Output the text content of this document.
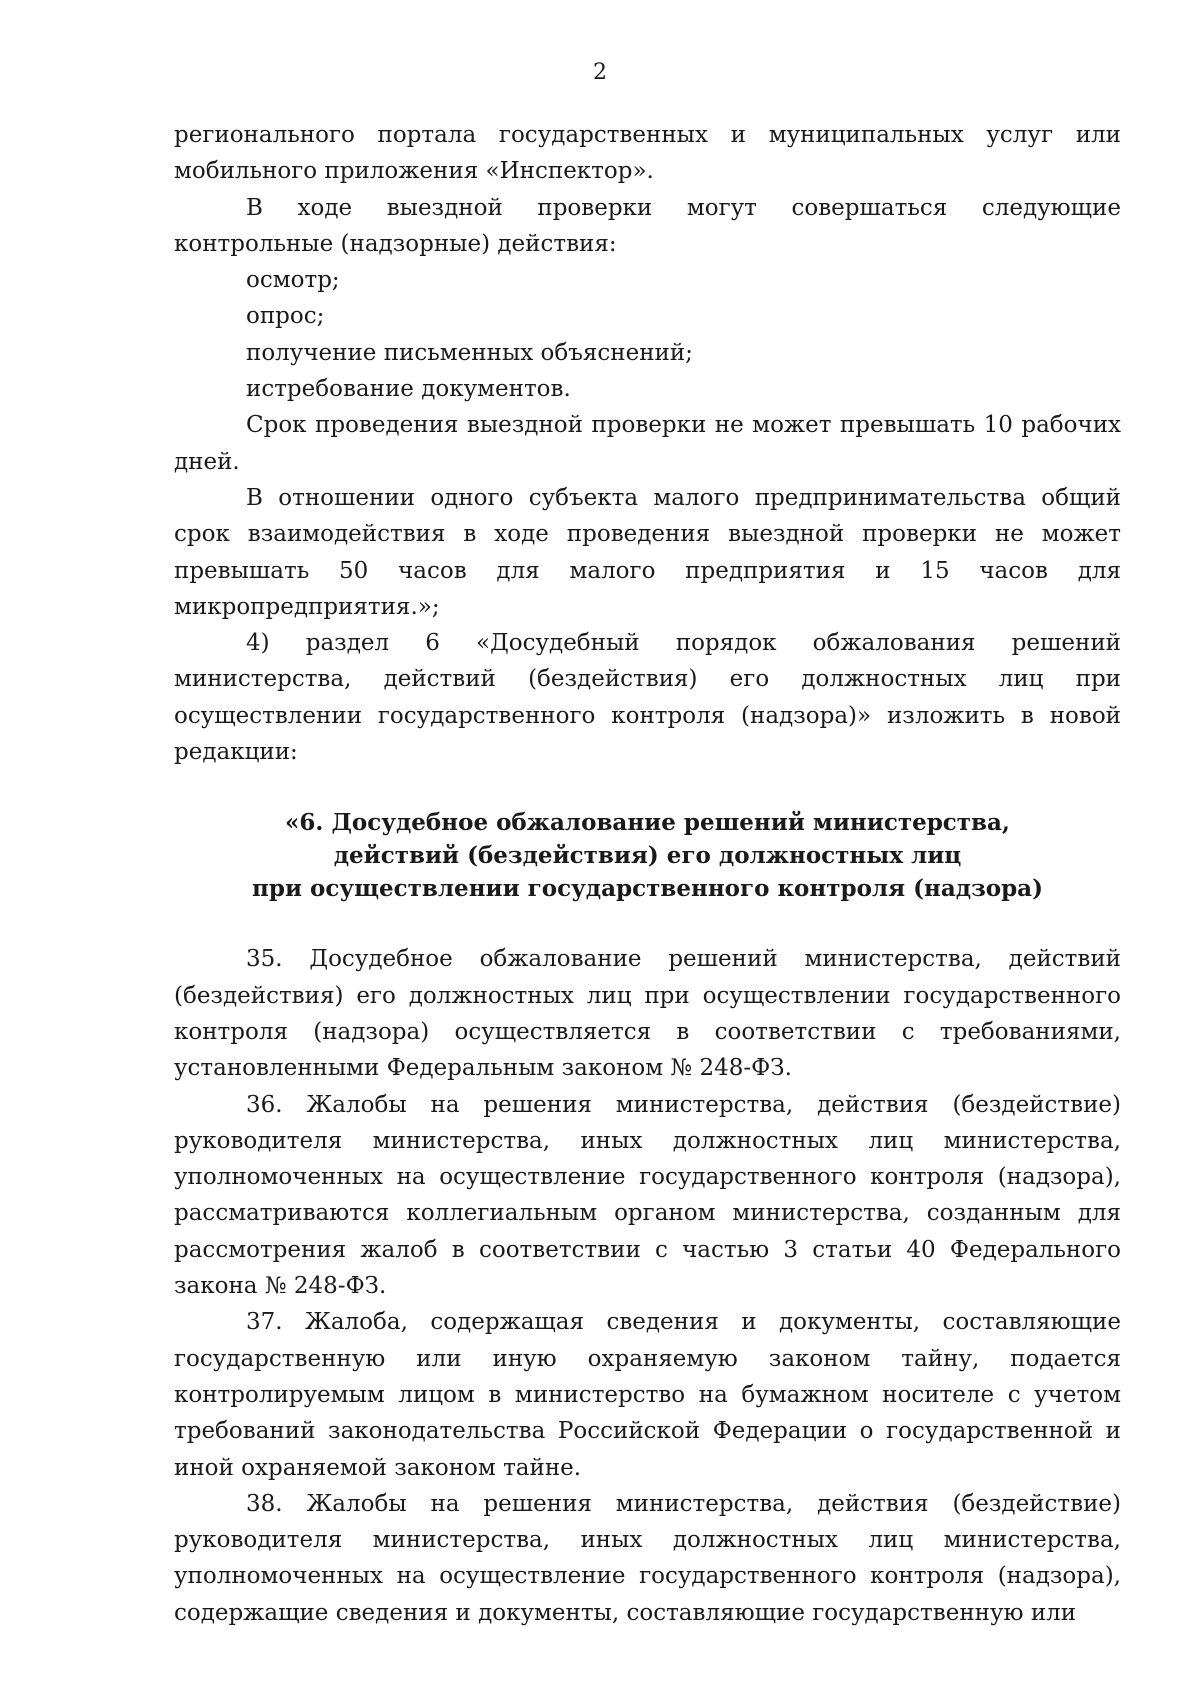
2

регионального портала государственных и муниципальных услуг или мобильного приложения «Инспектор».

В ходе выездной проверки могут совершаться следующие контрольные (надзорные) действия:

осмотр;

опрос;

получение письменных объяснений;

истребование документов.

Срок проведения выездной проверки не может превышать 10 рабочих дней.

В отношении одного субъекта малого предпринимательства общий срок взаимодействия в ходе проведения выездной проверки не может превышать 50 часов для малого предприятия и 15 часов для микропредприятия.»;

4) раздел 6 «Досудебный порядок обжалования решений министерства, действий (бездействия) его должностных лиц при осуществлении государственного контроля (надзора)» изложить в новой редакции:

«6. Досудебное обжалование решений министерства,
действий (бездействия) его должностных лиц
при осуществлении государственного контроля (надзора)

35. Досудебное обжалование решений министерства, действий (бездействия) его должностных лиц при осуществлении государственного контроля (надзора) осуществляется в соответствии с требованиями, установленными Федеральным законом № 248-ФЗ.

36. Жалобы на решения министерства, действия (бездействие) руководителя министерства, иных должностных лиц министерства, уполномоченных на осуществление государственного контроля (надзора), рассматриваются коллегиальным органом министерства, созданным для рассмотрения жалоб в соответствии с частью 3 статьи 40 Федерального закона № 248-ФЗ.

37. Жалоба, содержащая сведения и документы, составляющие государственную или иную охраняемую законом тайну, подается контролируемым лицом в министерство на бумажном носителе с учетом требований законодательства Российской Федерации о государственной и иной охраняемой законом тайне.

38. Жалобы на решения министерства, действия (бездействие) руководителя министерства, иных должностных лиц министерства, уполномоченных на осуществление государственного контроля (надзора), содержащие сведения и документы, составляющие государственную или
